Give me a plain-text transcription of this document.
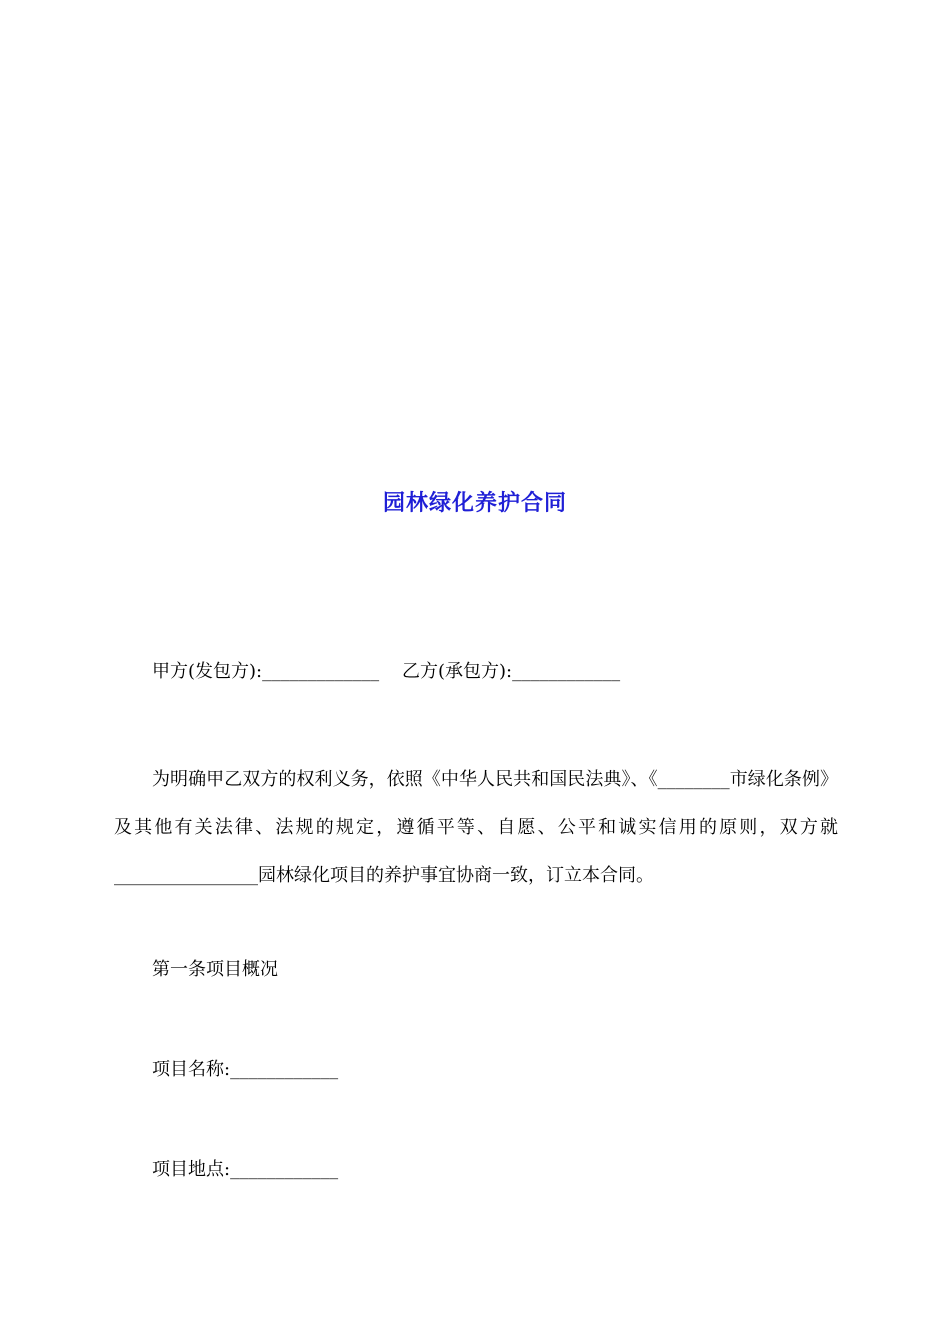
园林绿化养护合同
甲方(发包方):_____________ 乙方(承包方):____________
为明确甲乙双方的权利义务，依照《中华人民共和国民法典》、《________市绿化条例》及其他有关法律、法规的规定，遵循平等、自愿、公平和诚实信用的原则，双方就________________园林绿化项目的养护事宜协商一致，订立本合同。
第一条项目概况
项目名称:____________
项目地点:____________
